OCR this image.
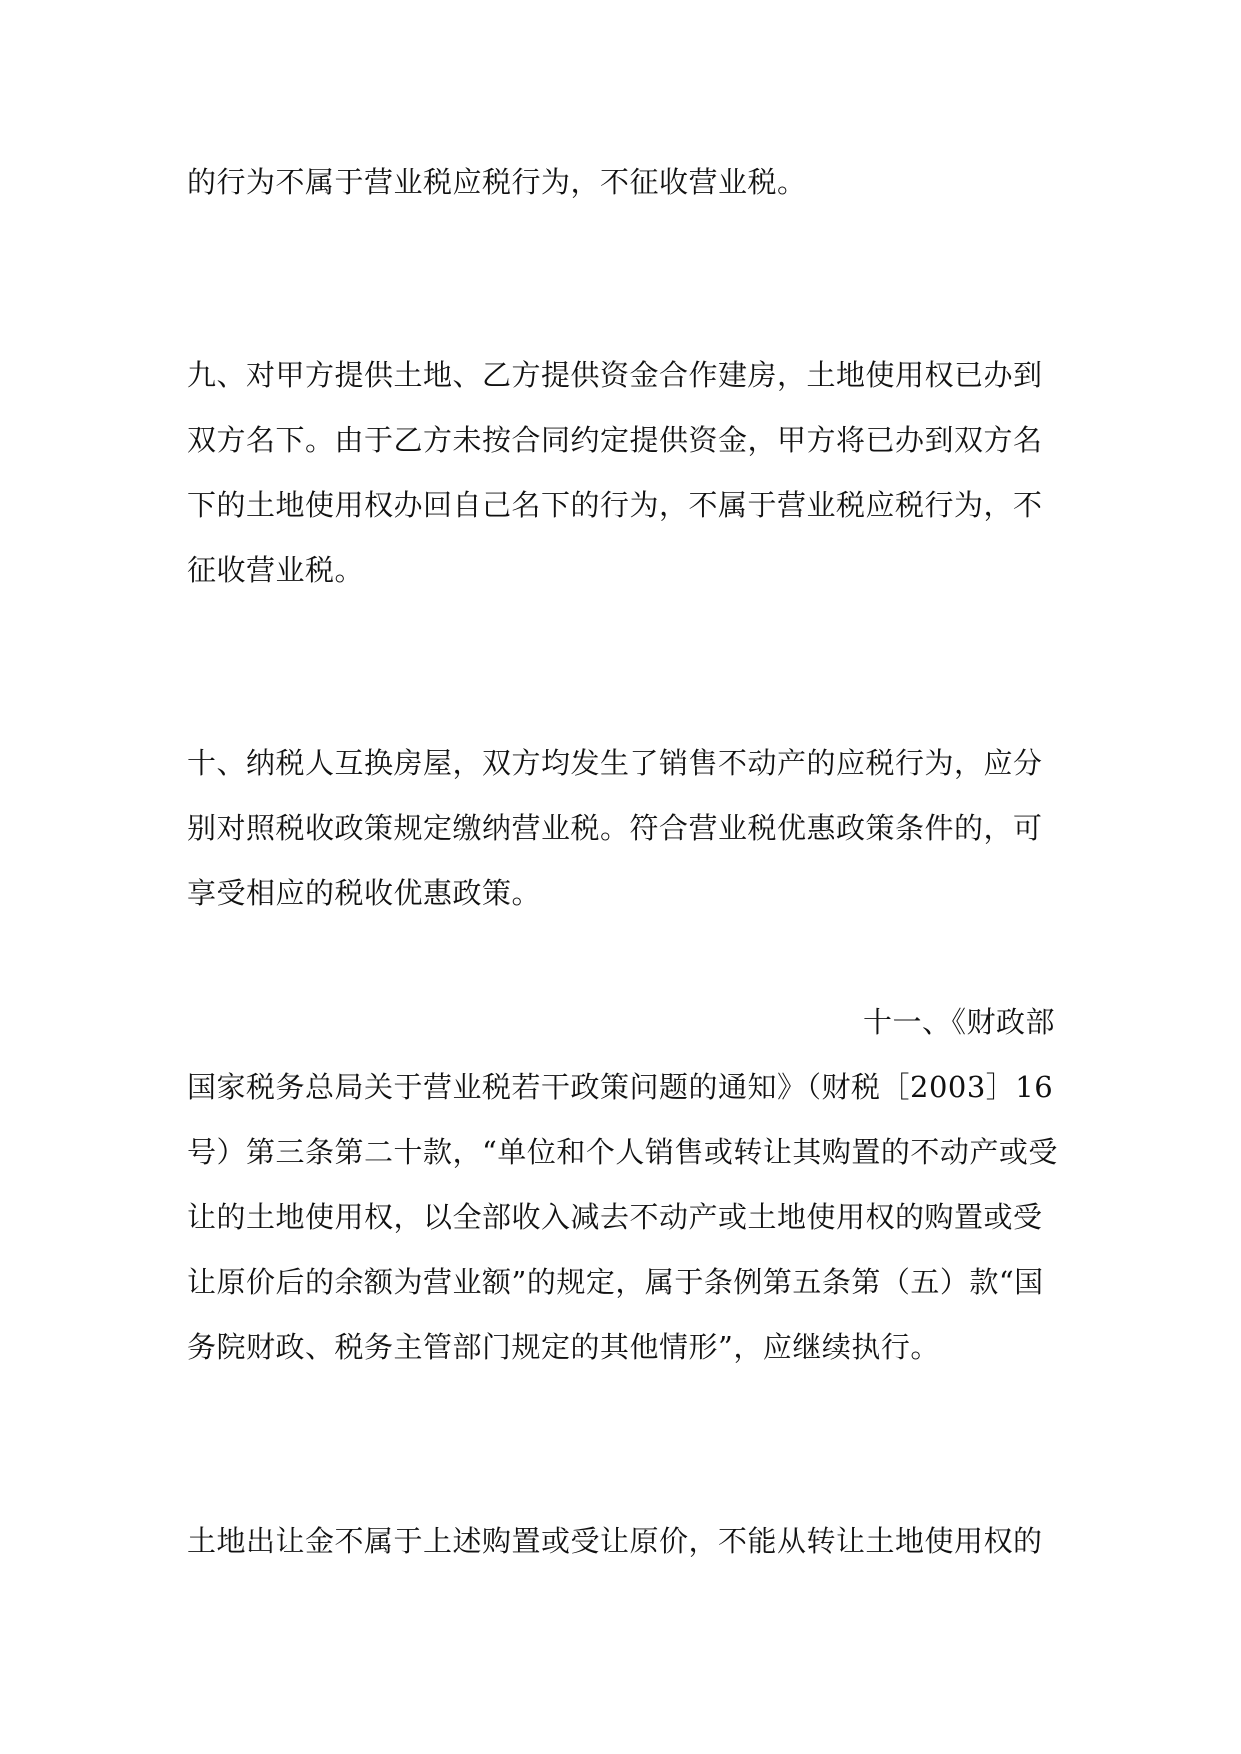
的行为不属于营业税应税行为，不征收营业税。
九、对甲方提供土地、乙方提供资金合作建房，土地使用权已办到
双方名下。由于乙方未按合同约定提供资金，甲方将已办到双方名
下的土地使用权办回自己名下的行为，不属于营业税应税行为，不
征收营业税。
十、纳税人互换房屋，双方均发生了销售不动产的应税行为，应分
别对照税收政策规定缴纳营业税。符合营业税优惠政策条件的，可
享受相应的税收优惠政策。
十一、《财政部
国家税务总局关于营业税若干政策问题的通知》（财税［2003］16
号）第三条第二十款，“单位和个人销售或转让其购置的不动产或受
让的土地使用权，以全部收入减去不动产或土地使用权的购置或受
让原价后的余额为营业额”的规定，属于条例第五条第（五）款“国
务院财政、税务主管部门规定的其他情形”，应继续执行。
土地出让金不属于上述购置或受让原价，不能从转让土地使用权的
